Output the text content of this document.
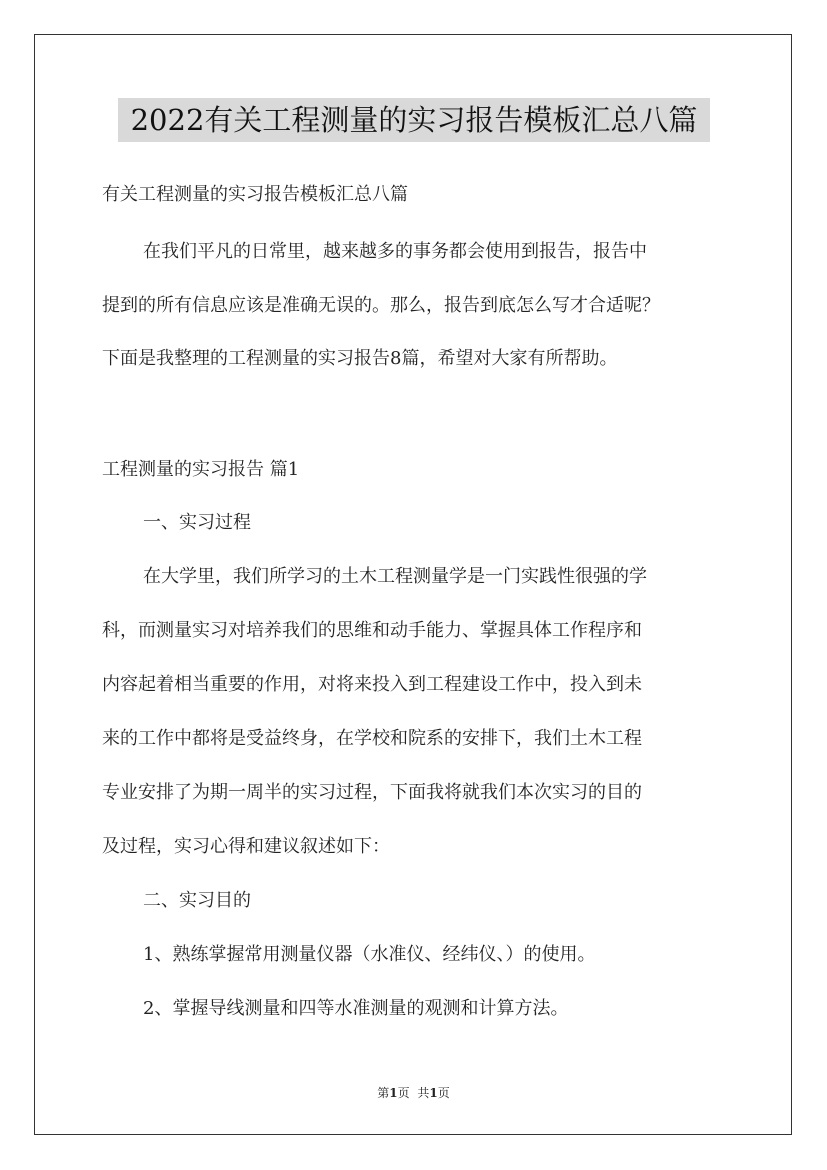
2022有关工程测量的实习报告模板汇总八篇

有关工程测量的实习报告模板汇总八篇

在我们平凡的日常里，越来越多的事务都会使用到报告，报告中

提到的所有信息应该是准确无误的。那么，报告到底怎么写才合适呢？

下面是我整理的工程测量的实习报告8篇，希望对大家有所帮助。

工程测量的实习报告 篇1

一、实习过程

在大学里，我们所学习的土木工程测量学是一门实践性很强的学

科，而测量实习对培养我们的思维和动手能力、掌握具体工作程序和

内容起着相当重要的作用，对将来投入到工程建设工作中，投入到未

来的工作中都将是受益终身，在学校和院系的安排下，我们土木工程

专业安排了为期一周半的实习过程，下面我将就我们本次实习的目的

及过程，实习心得和建议叙述如下：

二、实习目的

1、熟练掌握常用测量仪器（水准仪、经纬仪、）的使用。

2、掌握导线测量和四等水准测量的观测和计算方法。

第1页 共1页
